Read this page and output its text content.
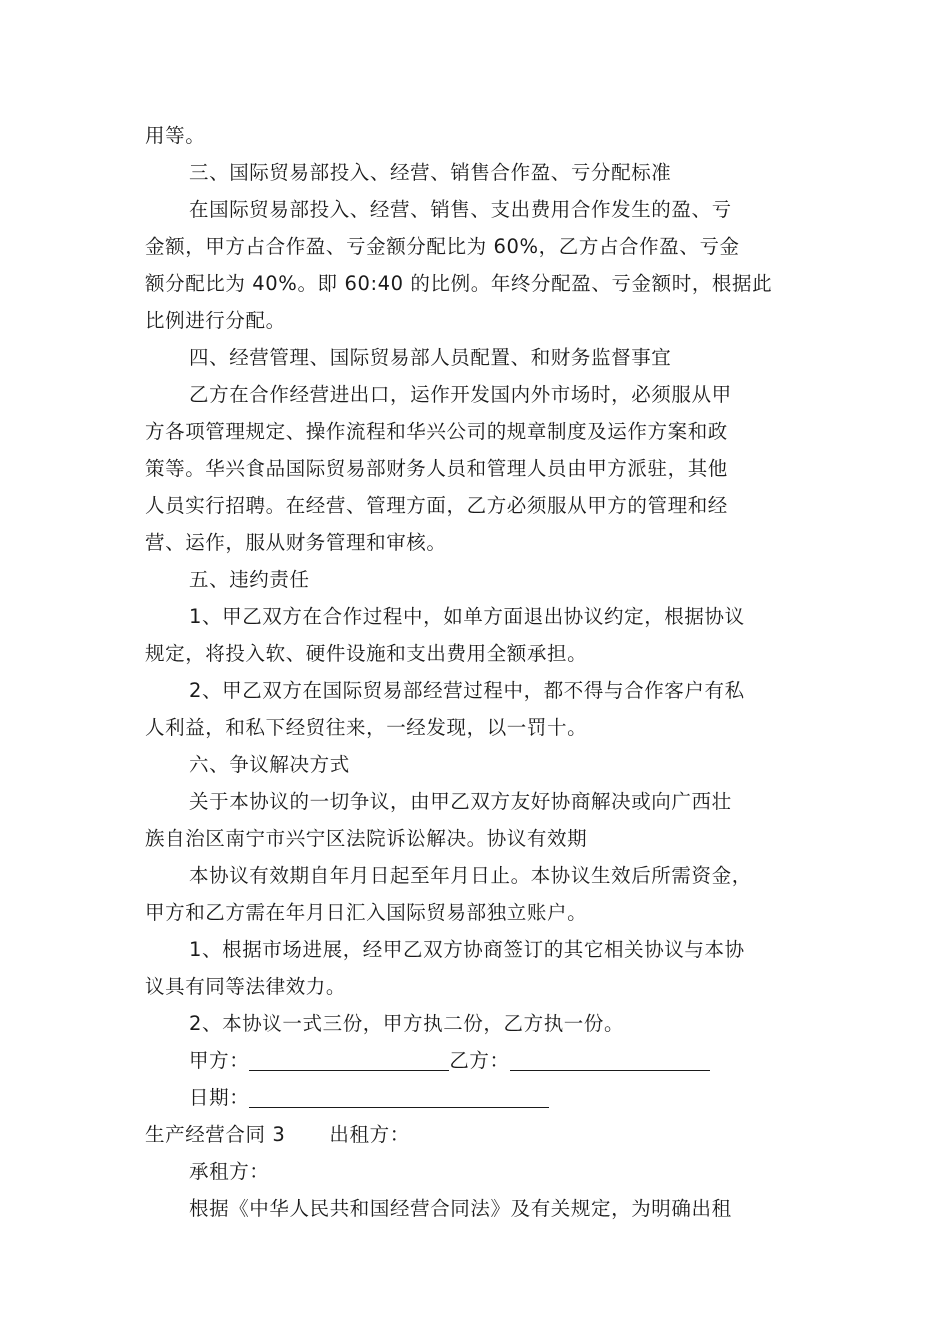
用等。
三、国际贸易部投入、经营、销售合作盈、亏分配标准
在国际贸易部投入、经营、销售、支出费用合作发生的盈、亏
金额，甲方占合作盈、亏金额分配比为 60%，乙方占合作盈、亏金
额分配比为 40%。即 60:40 的比例。年终分配盈、亏金额时，根据此
比例进行分配。
四、经营管理、国际贸易部人员配置、和财务监督事宜
乙方在合作经营进出口，运作开发国内外市场时，必须服从甲
方各项管理规定、操作流程和华兴公司的规章制度及运作方案和政
策等。华兴食品国际贸易部财务人员和管理人员由甲方派驻，其他
人员实行招聘。在经营、管理方面，乙方必须服从甲方的管理和经
营、运作，服从财务管理和审核。
五、违约责任
1、甲乙双方在合作过程中，如单方面退出协议约定，根据协议
规定，将投入软、硬件设施和支出费用全额承担。
2、甲乙双方在国际贸易部经营过程中，都不得与合作客户有私
人利益，和私下经贸往来，一经发现，以一罚十。
六、争议解决方式
关于本协议的一切争议，由甲乙双方友好协商解决或向广西壮
族自治区南宁市兴宁区法院诉讼解决。协议有效期
本协议有效期自年月日起至年月日止。本协议生效后所需资金，
甲方和乙方需在年月日汇入国际贸易部独立账户。
1、根据市场进展，经甲乙双方协商签订的其它相关协议与本协
议具有同等法律效力。
2、本协议一式三份，甲方执二份，乙方执一份。
甲方：	乙方：
日期：
生产经营合同 3 出租方：
承租方：
根据《中华人民共和国经营合同法》及有关规定，为明确出租
